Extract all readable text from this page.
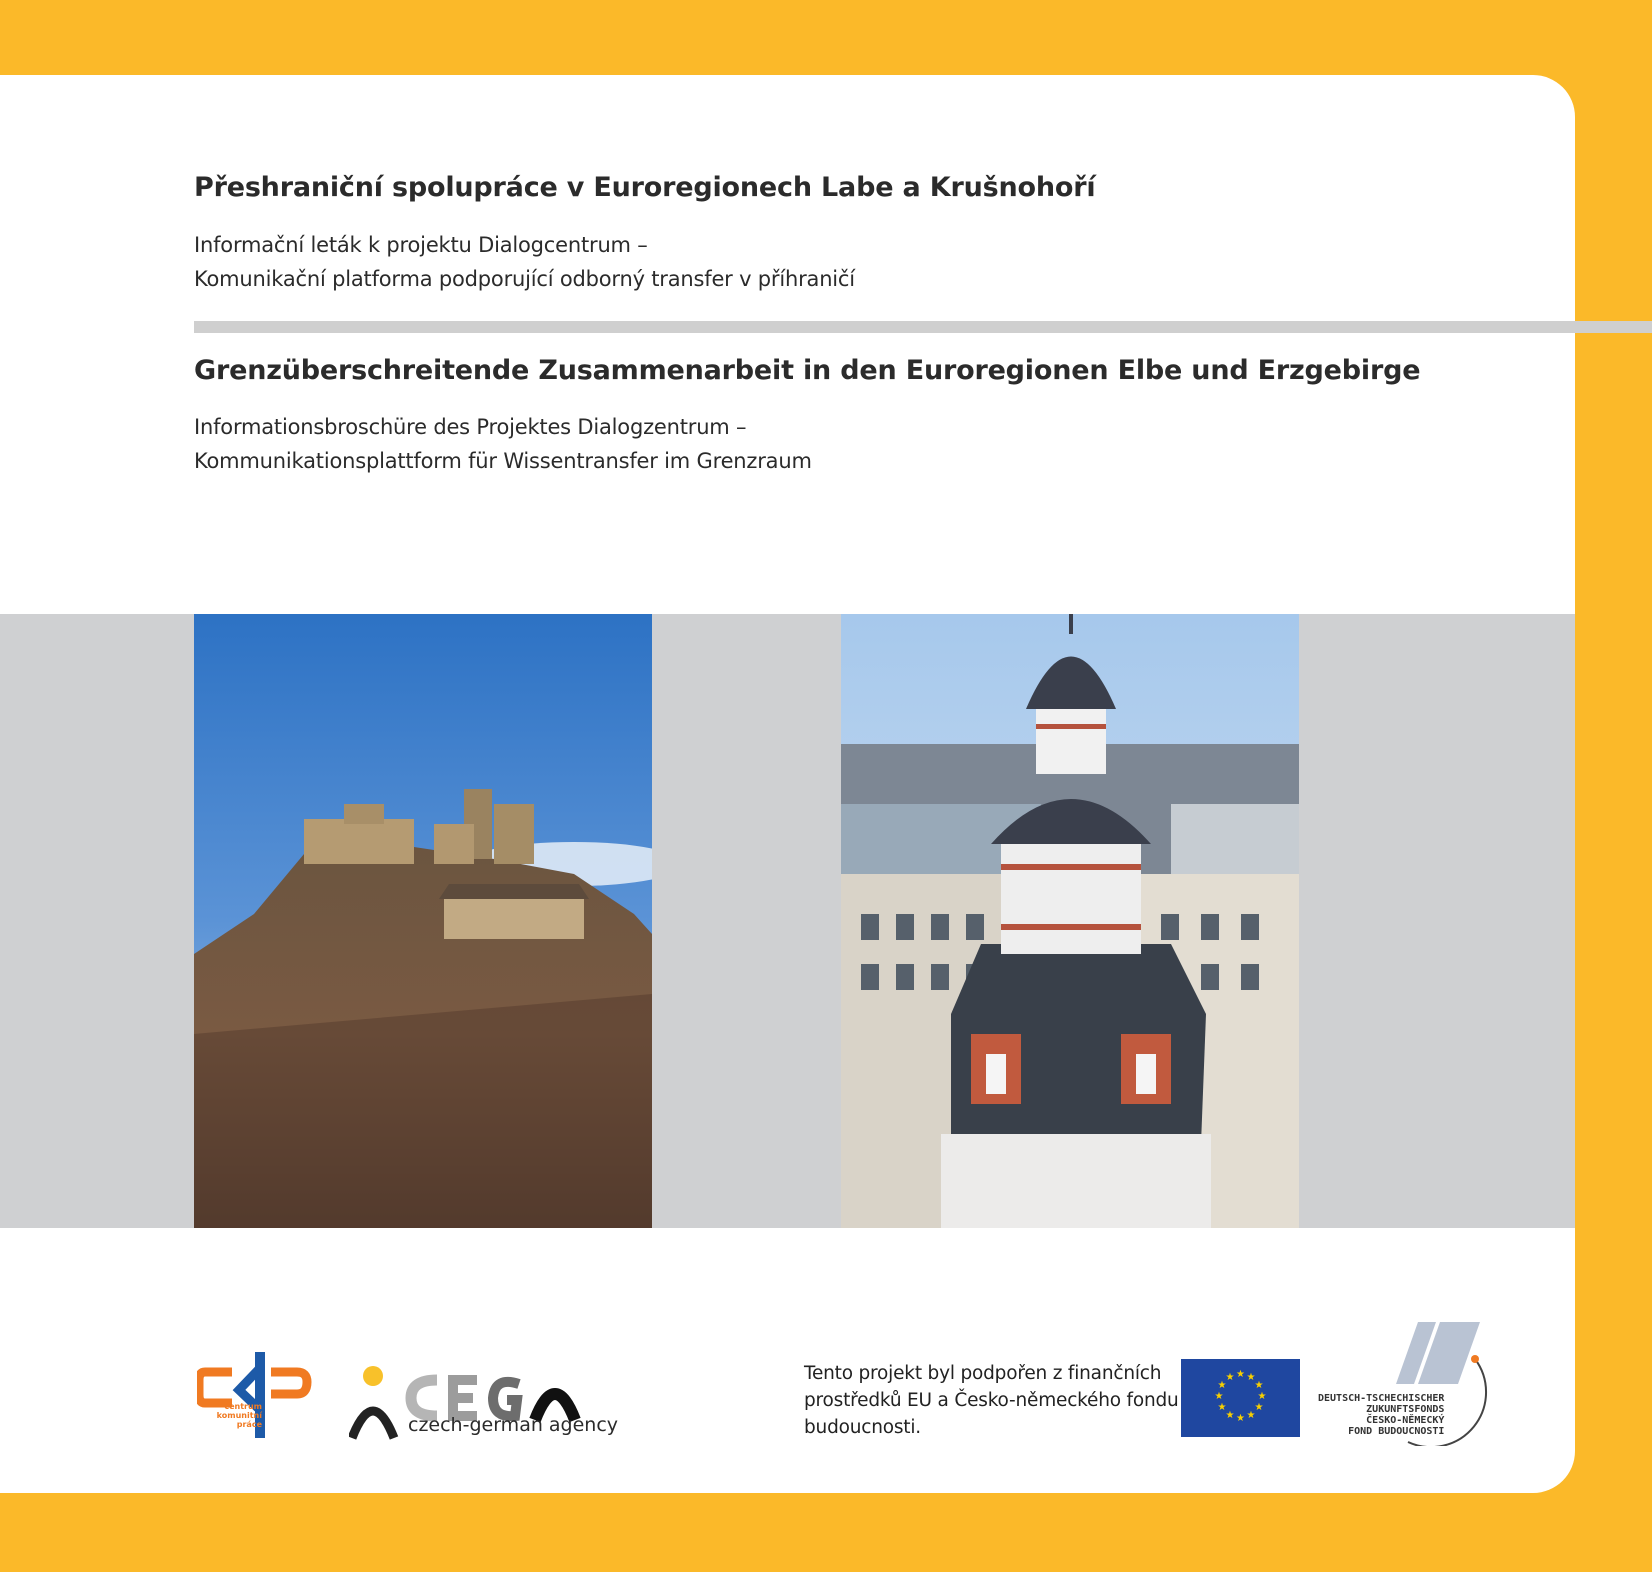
Přeshraniční spolupráce v Euroregionech Labe a Krušnohoří

Informační leták k projektu Dialogcentrum –
Komunikační platforma podporující odborný transfer v příhraničí

Grenzüberschreitende Zusammenarbeit in den Euroregionen Elbe und Erzgebirge

Informationsbroschüre des Projektes Dialogzentrum –
Kommunikationsplattform für Wissentransfer im Grenzraum

centrum
komunitní
práce	czech-german agency

Tento projekt byl podpořen z finančních
prostředků EU a Česko-německého fondu
budoucnosti.

★ ★
★
★
★
★
★
★
★
★
★
★
DEUTSCH-TSCHECHISCHER
ZUKUNFTSFONDS
ČESKO-NĚMECKÝ
FOND BUDOUCNOSTI
